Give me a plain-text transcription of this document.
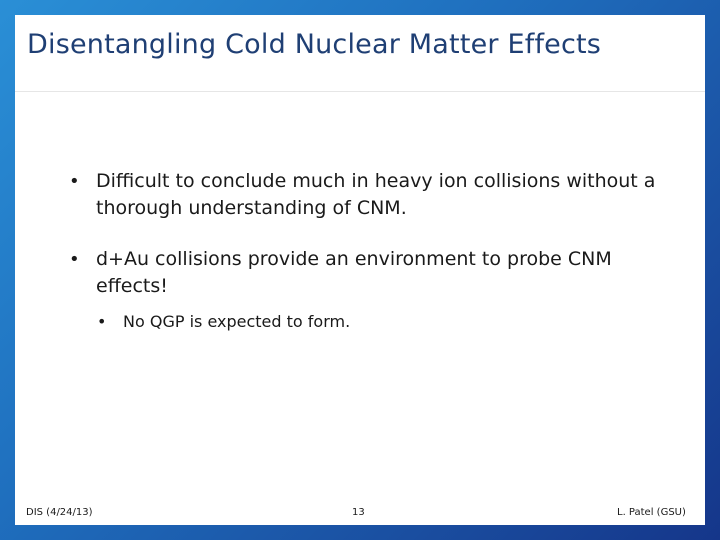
Disentangling Cold Nuclear Matter Effects
• Difficult to conclude much in heavy ion collisions without a thorough understanding of CNM.
• d+Au collisions provide an environment to probe CNM effects!
• No QGP is expected to form.
DIS (4/24/13)	13	L. Patel (GSU)
